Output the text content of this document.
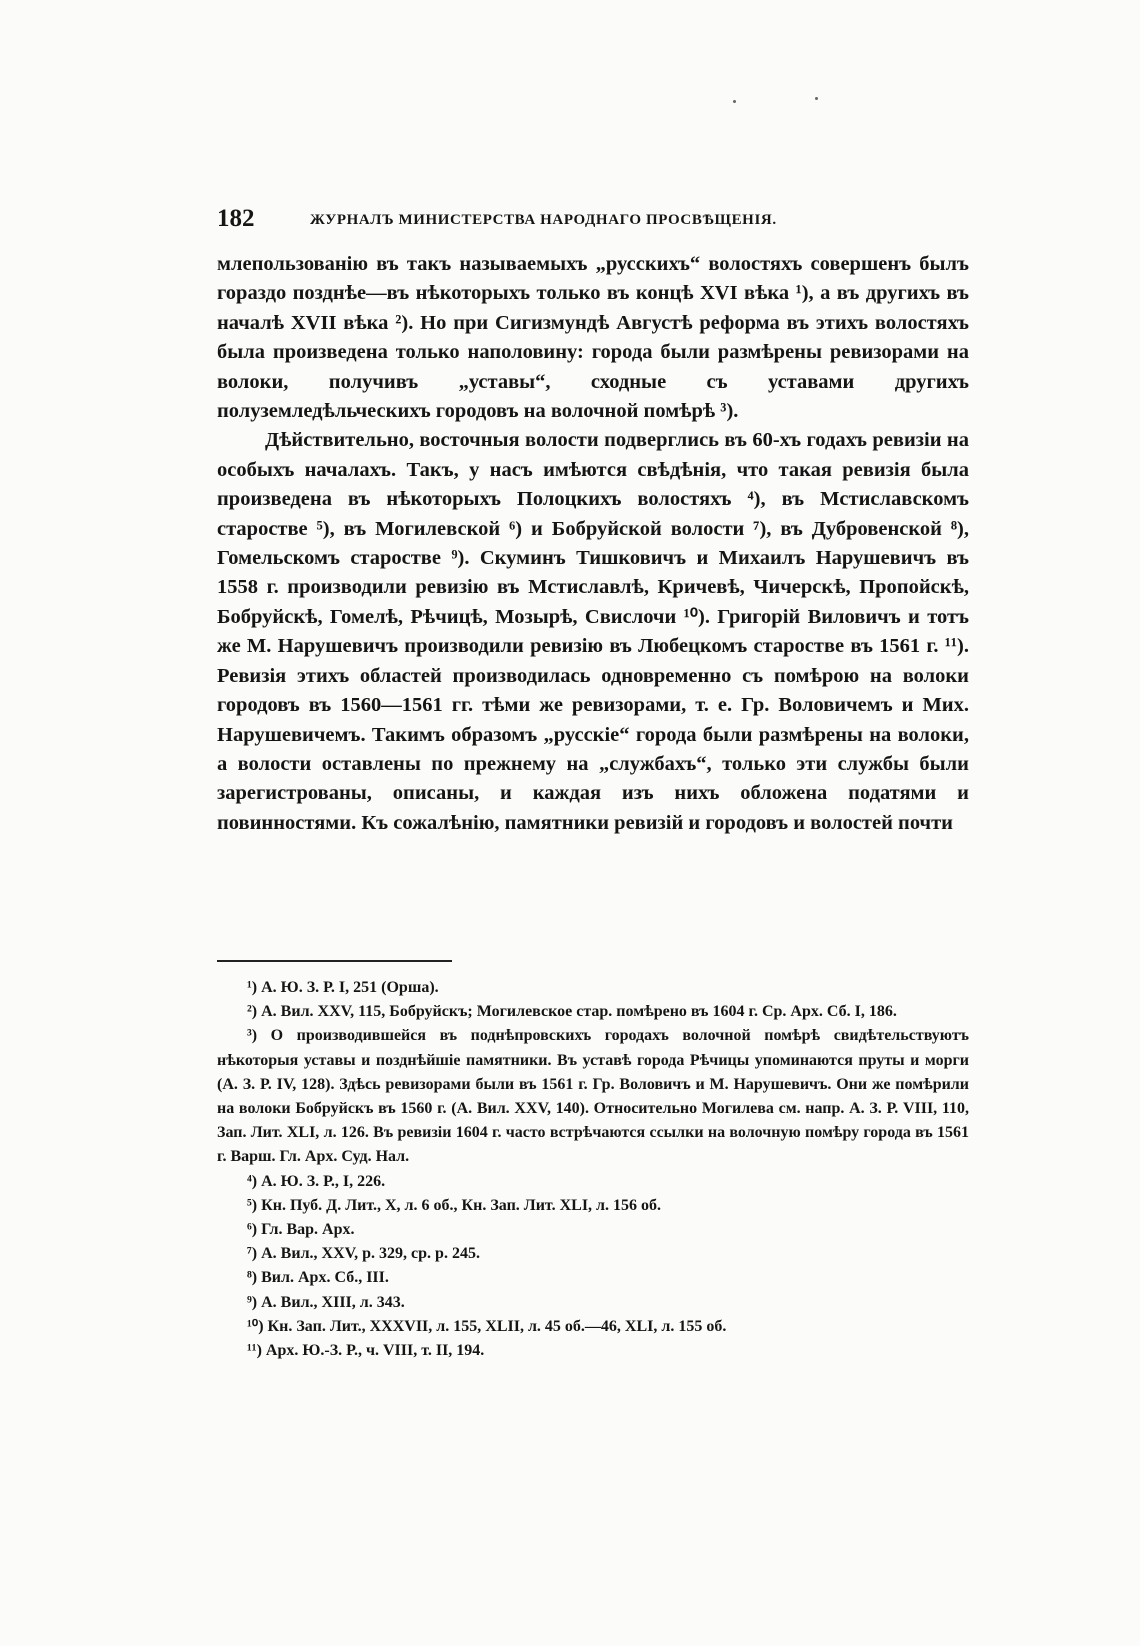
182	ЖУРНАЛЪ МИНИСТЕРСТВА НАРОДНАГО ПРОСВѢЩЕНІЯ.

млепользованію въ такъ называемыхъ „русскихъ“ волостяхъ совершенъ былъ гораздо позднѣе—въ нѣкоторыхъ только въ концѣ XVI вѣка ¹), а въ другихъ въ началѣ XVII вѣка ²). Но при Сигизмундѣ Августѣ реформа въ этихъ волостяхъ была произведена только наполовину: города были размѣрены ревизорами на волоки, получивъ „уставы“, сходные съ уставами другихъ полуземледѣльческихъ городовъ на волочной помѣрѣ ³).

Дѣйствительно, восточныя волости подверглись въ 60-хъ годахъ ревизіи на особыхъ началахъ. Такъ, у насъ имѣются свѣдѣнія, что такая ревизія была произведена въ нѣкоторыхъ Полоцкихъ волостяхъ ⁴), въ Мстиславскомъ старостве ⁵), въ Могилевской ⁶) и Бобруйской волости ⁷), въ Дубровенской ⁸), Гомельскомъ старостве ⁹). Скуминъ Тишковичъ и Михаилъ Нарушевичъ въ 1558 г. производили ревизію въ Мстиславлѣ, Кричевѣ, Чичерскѣ, Пропойскѣ, Бобруйскѣ, Гомелѣ, Рѣчицѣ, Мозырѣ, Свислочи ¹⁰). Григорій Виловичъ и тотъ же М. Нарушевичъ производили ревизію въ Любецкомъ старостве въ 1561 г. ¹¹). Ревизія этихъ областей производилась одновременно съ помѣрою на волоки городовъ въ 1560—1561 гг. тѣми же ревизорами, т. е. Гр. Воловичемъ и Мих. Нарушевичемъ. Такимъ образомъ „русскіе“ города были размѣрены на волоки, а волости оставлены по прежнему на „службахъ“, только эти службы были зарегистрованы, описаны, и каждая изъ нихъ обложена податями и повинностями. Къ сожалѣнію, памятники ревизій и городовъ и волостей почти

¹) А. Ю. З. Р. I, 251 (Орша).

²) А. Вил. XXV, 115, Бобруйскъ; Могилевское стар. помѣрено въ 1604 г. Ср. Арх. Сб. I, 186.

³) О производившейся въ поднѣпровскихъ городахъ волочной помѣрѣ свидѣтельствуютъ нѣкоторыя уставы и позднѣйшіе памятники. Въ уставѣ города Рѣчицы упоминаются пруты и морги (А. З. Р. IV, 128). Здѣсь ревизорами были въ 1561 г. Гр. Воловичъ и М. Нарушевичъ. Они же помѣрили на волоки Бобруйскъ въ 1560 г. (А. Вил. XXV, 140). Относительно Могилева см. напр. А. З. Р. VIII, 110, Зап. Лит. XLI, л. 126. Въ ревизіи 1604 г. часто встрѣчаются ссылки на волочную помѣру города въ 1561 г. Варш. Гл. Арх. Суд. Нал.

⁴) А. Ю. З. Р., I, 226.

⁵) Кн. Пуб. Д. Лит., X, л. 6 об., Кн. Зап. Лит. XLI, л. 156 об.

⁶) Гл. Вар. Арх.

⁷) А. Вил., XXV, р. 329, ср. р. 245.

⁸) Вил. Арх. Сб., III.

⁹) А. Вил., XIII, л. 343.

¹⁰) Кн. Зап. Лит., XXXVII, л. 155, XLII, л. 45 об.—46, XLI, л. 155 об.

¹¹) Арх. Ю.-З. Р., ч. VIII, т. II, 194.
